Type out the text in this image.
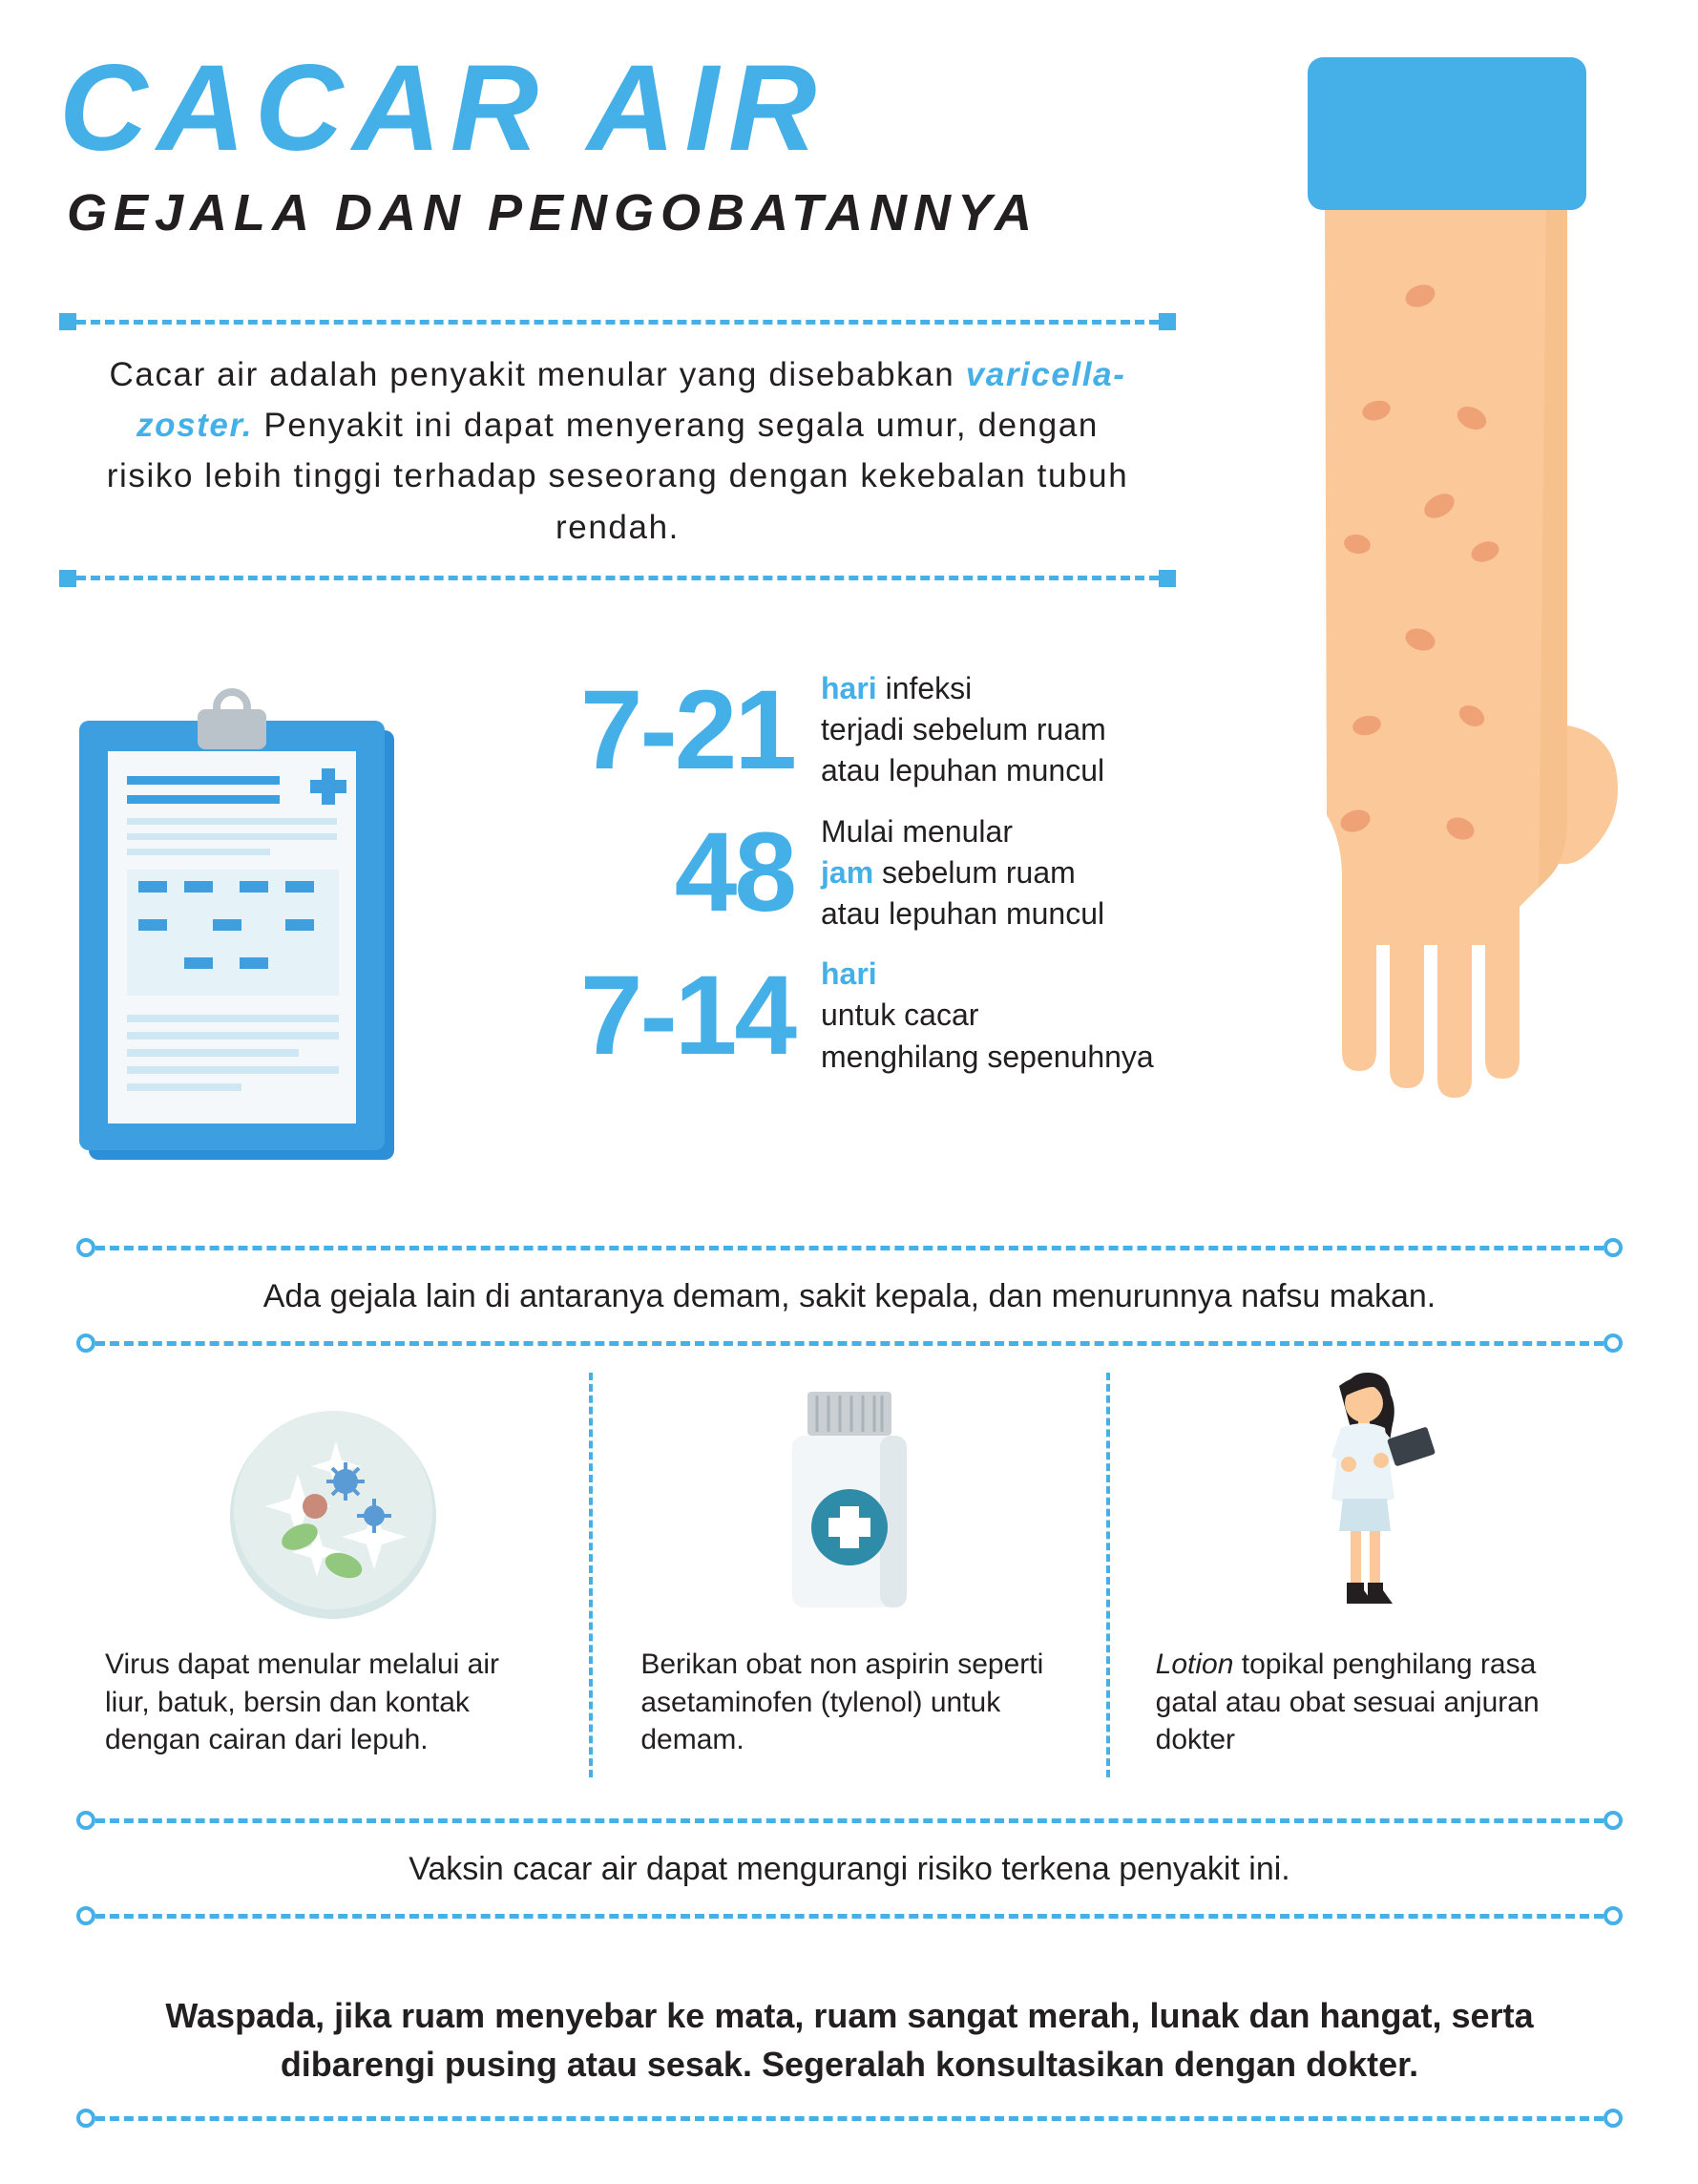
CACAR AIR
GEJALA DAN PENGOBATANNYA
Cacar air adalah penyakit menular yang disebabkan varicella-zoster. Penyakit ini dapat menyerang segala umur, dengan risiko lebih tinggi terhadap seseorang dengan kekebalan tubuh rendah.
7-21 hari infeksi
terjadi sebelum ruam
atau lepuhan muncul
48 Mulai menular
jam sebelum ruam
atau lepuhan muncul
7-14 hari
untuk cacar
menghilang sepenuhnya
Ada gejala lain di antaranya demam, sakit kepala, dan menurunnya nafsu makan.
Virus dapat menular melalui air liur, batuk, bersin dan kontak dengan cairan dari lepuh.
Berikan obat non aspirin seperti asetaminofen (tylenol) untuk demam.
Lotion topikal penghilang rasa gatal atau obat sesuai anjuran dokter
Vaksin cacar air dapat mengurangi risiko terkena penyakit ini.
Waspada, jika ruam menyebar ke mata, ruam sangat merah, lunak dan hangat, serta dibarengi pusing atau sesak. Segeralah konsultasikan dengan dokter.
